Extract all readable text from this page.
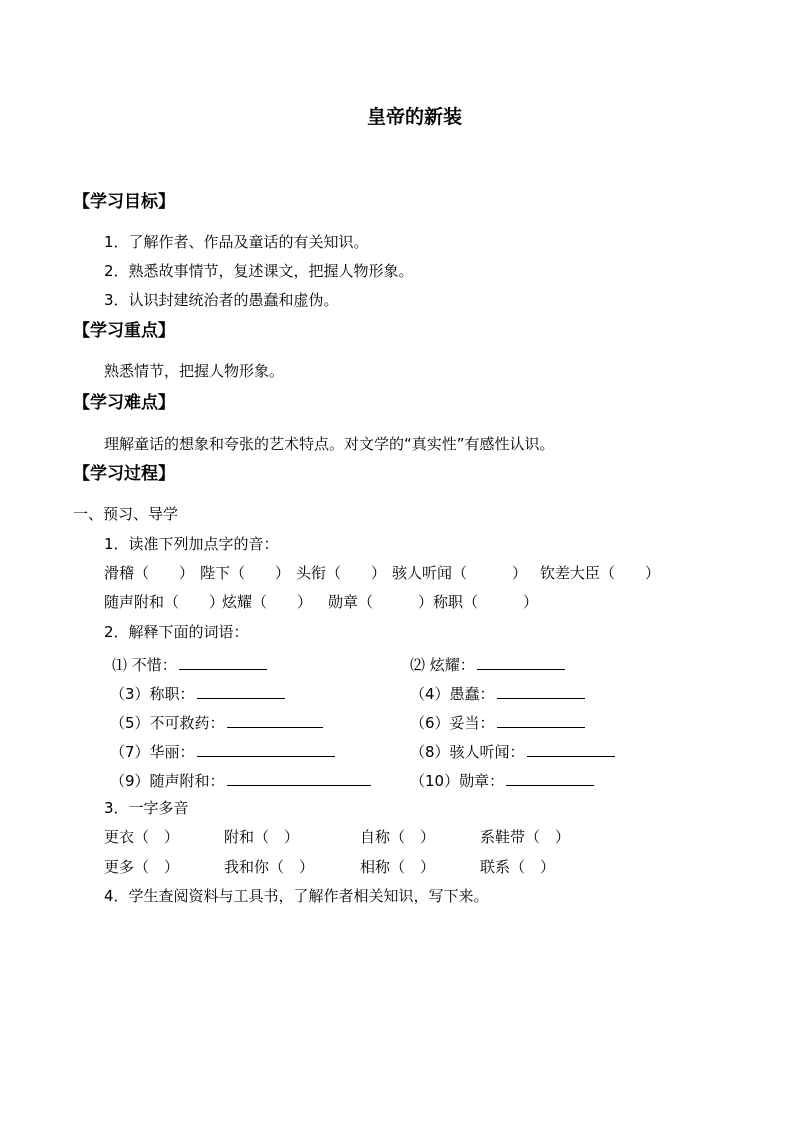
皇帝的新装
【学习目标】
1．了解作者、作品及童话的有关知识。
2．熟悉故事情节，复述课文，把握人物形象。
3．认识封建统治者的愚蠢和虚伪。
【学习重点】
熟悉情节，把握人物形象。
【学习难点】
理解童话的想象和夸张的艺术特点。对文学的“真实性”有感性认识。
【学习过程】
一、预习、导学
1．读准下列加点字的音：
滑稽（　　） 陛下（　　） 头衔（　　） 骇人听闻（　　　） 钦差大臣（　　）
随声附和（　　）
炫耀（　　） 勋章（　　　） 称职（　　　）
2．解释下面的词语：
⑴ 不惜：	⑵ 炫耀：
（3）称职：	（4）愚蠢：
（5）不可救药：	（6）妥当：
（7）华丽：	（8）骇人听闻：
（9）随声附和：	（10）勋章：
3．一字多音
更衣（　）	附和（　）	自称（　）	系鞋带（　）
更多（　）	我和你（　）	相称（　）	联系（　）
4．学生查阅资料与工具书，了解作者相关知识，写下来。
